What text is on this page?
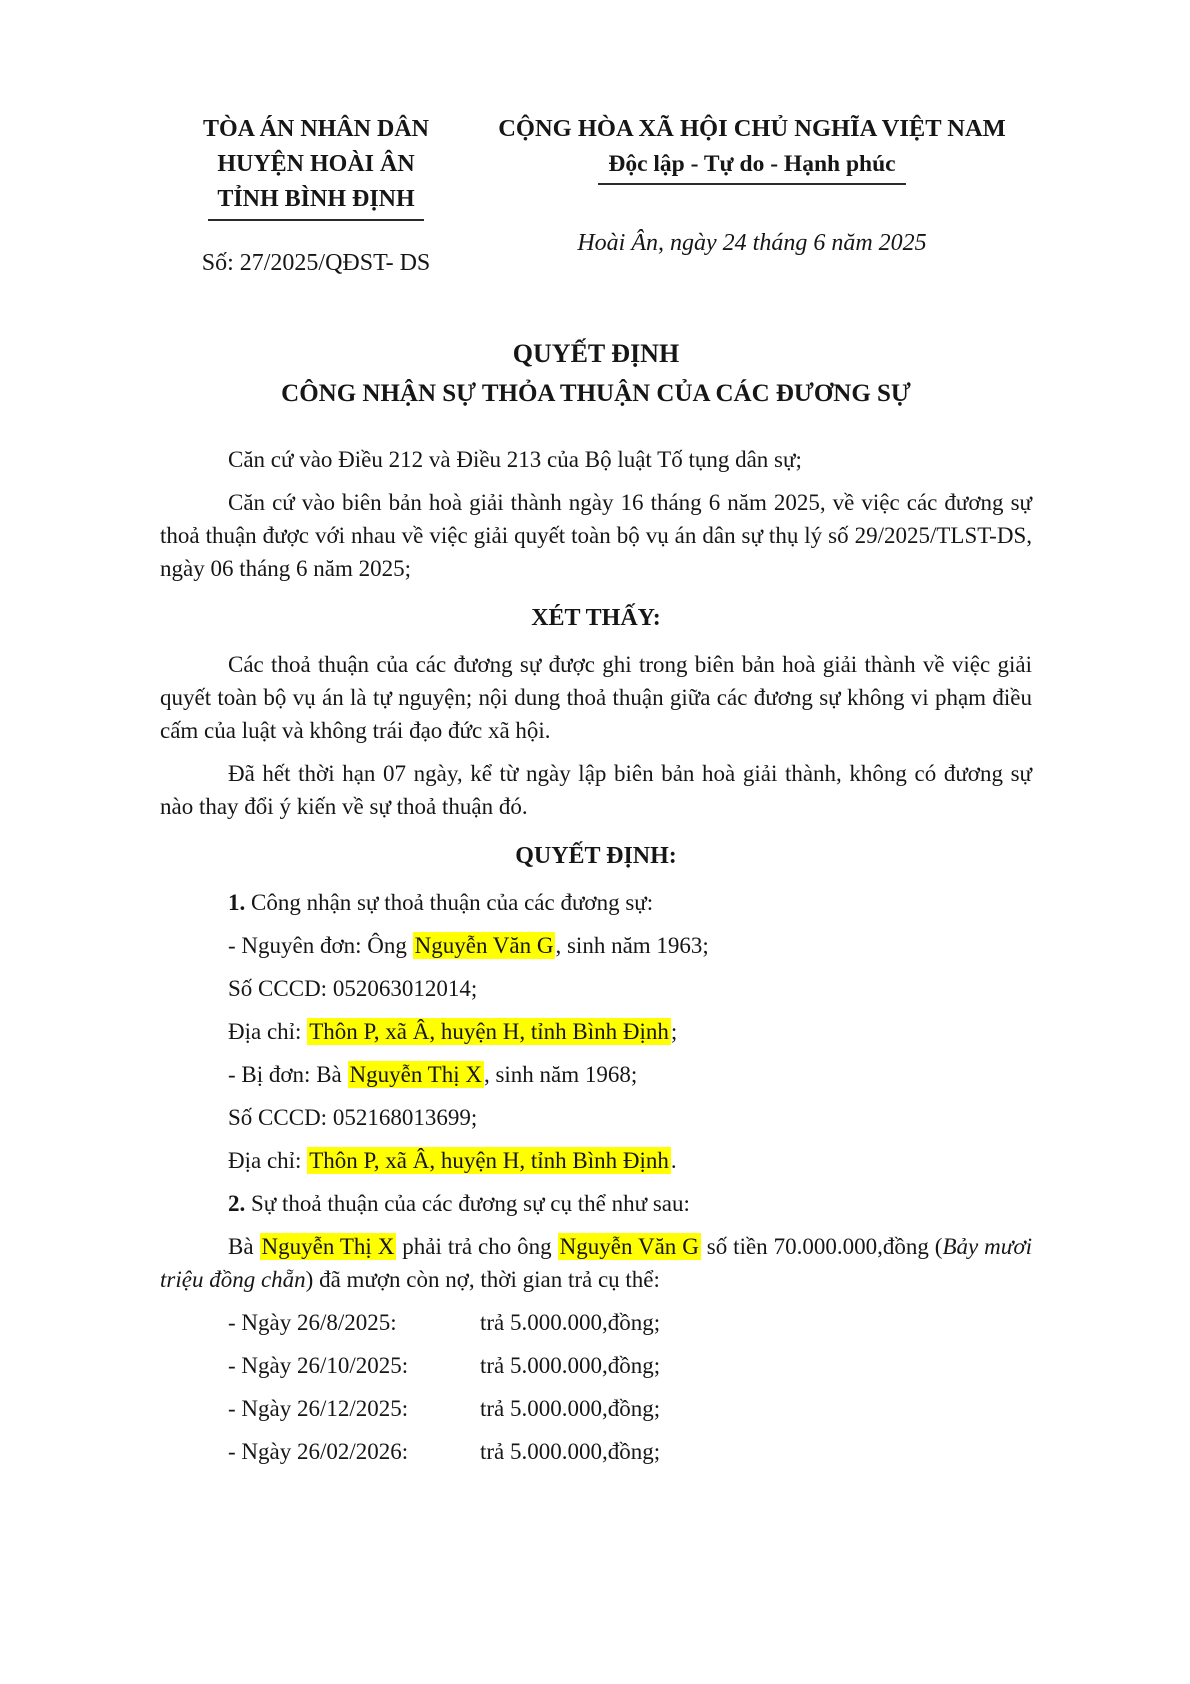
TÒA ÁN NHÂN DÂN
HUYỆN HOÀI ÂN
TỈNH BÌNH ĐỊNH
Số: 27/2025/QĐST- DS
CỘNG HÒA XÃ HỘI CHỦ NGHĨA VIỆT NAM
Độc lập - Tự do - Hạnh phúc
Hoài Ân, ngày 24 tháng 6 năm 2025
QUYẾT ĐỊNH
CÔNG NHẬN SỰ THỎA THUẬN CỦA CÁC ĐƯƠNG SỰ

Căn cứ vào Điều 212 và Điều 213 của Bộ luật Tố tụng dân sự;

Căn cứ vào biên bản hoà giải thành ngày 16 tháng 6 năm 2025, về việc các đương sự thoả thuận được với nhau về việc giải quyết toàn bộ vụ án dân sự thụ lý số 29/2025/TLST-DS, ngày 06 tháng 6 năm 2025;

XÉT THẤY:

Các thoả thuận của các đương sự được ghi trong biên bản hoà giải thành về việc giải quyết toàn bộ vụ án là tự nguyện; nội dung thoả thuận giữa các đương sự không vi phạm điều cấm của luật và không trái đạo đức xã hội.

Đã hết thời hạn 07 ngày, kể từ ngày lập biên bản hoà giải thành, không có đương sự nào thay đổi ý kiến về sự thoả thuận đó.

QUYẾT ĐỊNH:
1. Công nhận sự thoả thuận của các đương sự:
- Nguyên đơn: Ông Nguyễn Văn G, sinh năm 1963;
Số CCCD: 052063012014;
Địa chỉ: Thôn P, xã Â, huyện H, tỉnh Bình Định;
- Bị đơn: Bà Nguyễn Thị X, sinh năm 1968;
Số CCCD: 052168013699;
Địa chỉ: Thôn P, xã Â, huyện H, tỉnh Bình Định.
2. Sự thoả thuận của các đương sự cụ thể như sau:

Bà Nguyễn Thị X phải trả cho ông Nguyễn Văn G số tiền 70.000.000,đồng (Bảy mươi triệu đồng chẵn) đã mượn còn nợ, thời gian trả cụ thể:

- Ngày 26/8/2025:	trả 5.000.000,đồng;
- Ngày 26/10/2025:	trả 5.000.000,đồng;
- Ngày 26/12/2025:	trả 5.000.000,đồng;
- Ngày 26/02/2026:	trả 5.000.000,đồng;
